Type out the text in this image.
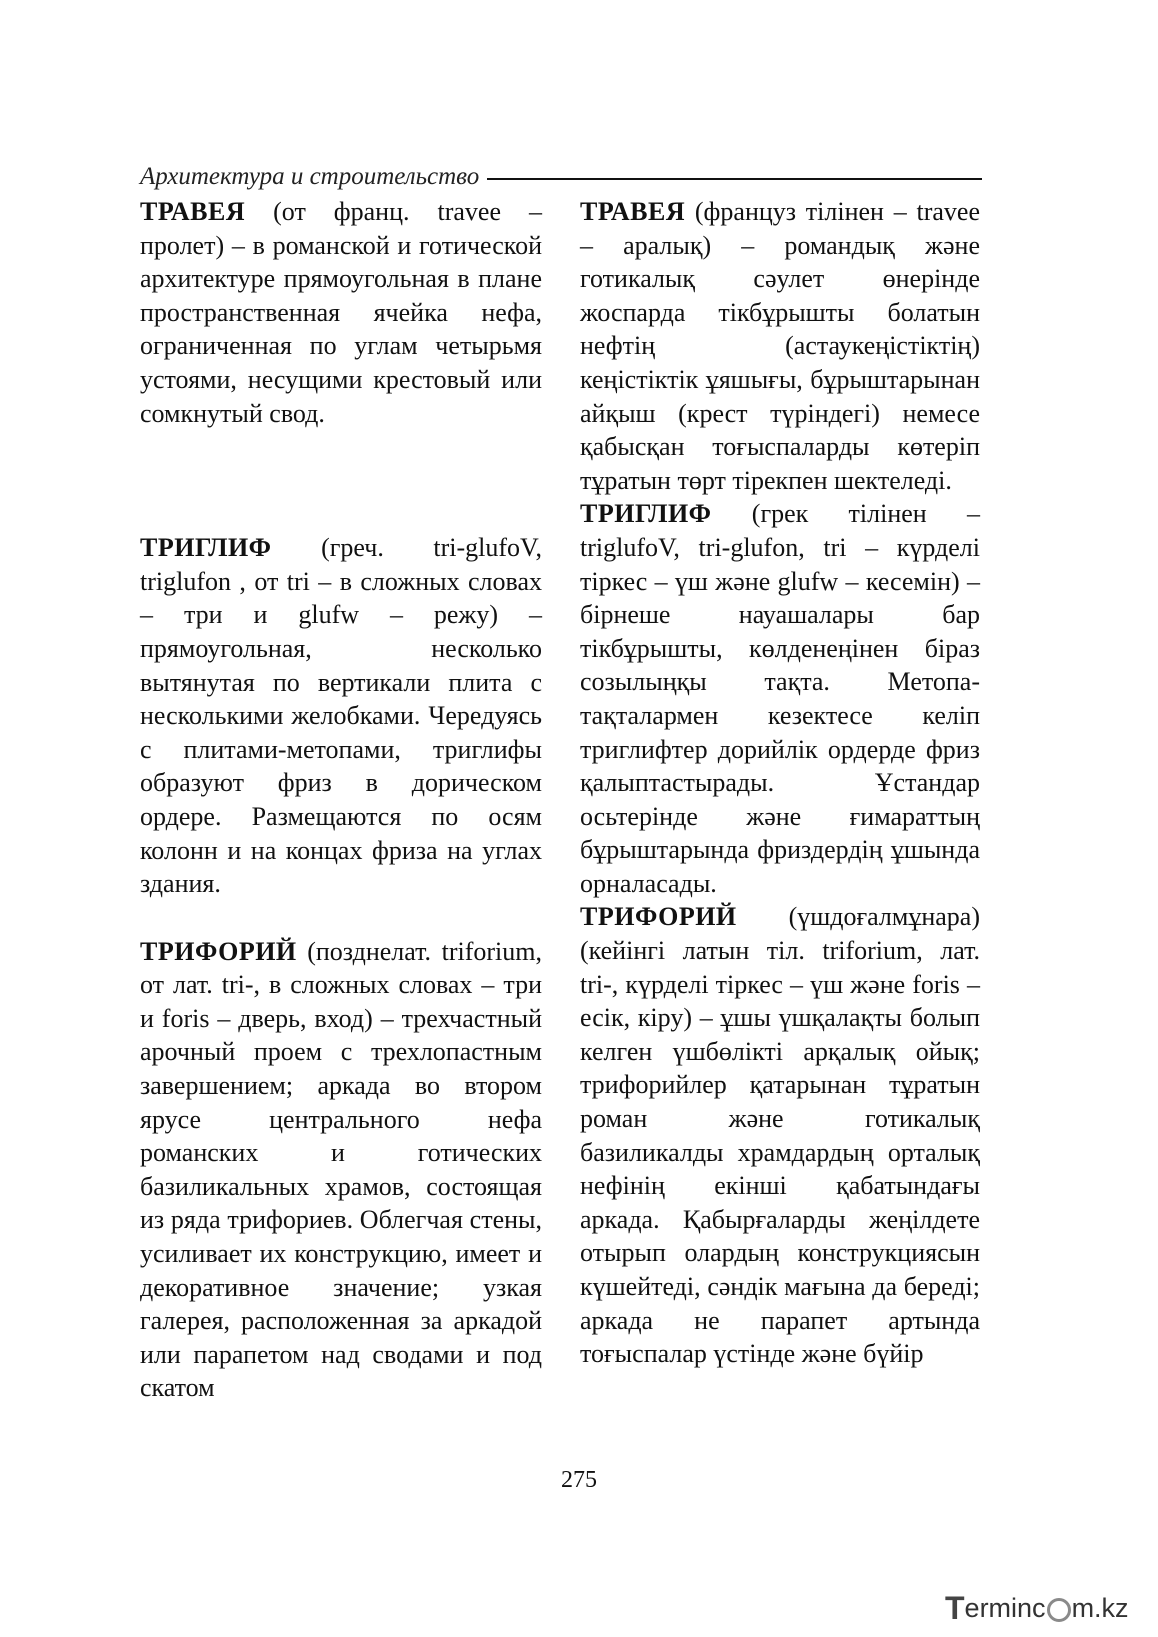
Архитектура и строительство

ТРАВЕЯ (от франц. travee – пролет) – в романской и готической архитектуре прямоугольная в плане пространственная ячейка нефа, ограниченная по углам четырьмя устоями, несущими крестовый или сомкнутый свод.

ТРИГЛИФ (греч. tri-glufoV, triglufon , от tri – в сложных словах – три и glufw – режу) – прямоугольная, несколько вытянутая по вертикали плита с несколькими желобками. Чередуясь с плитами-метопами, триглифы образуют фриз в дорическом ордере. Размещаются по осям колонн и на концах фриза на углах здания.

ТРИФОРИЙ (позднелат. triforium, от лат. tri-, в сложных словах – три и foris – дверь, вход) – трехчастный арочный проем с трехлопастным завершением; аркада во втором ярусе центрального нефа романских и готических базиликальных храмов, состоящая из ряда трифориев. Облегчая стены, усиливает их конструкцию, имеет и декоративное значение; узкая галерея, расположенная за аркадой или парапетом над сводами и под скатом

ТРАВЕЯ (француз тілінен – travee – аралық) – романдық және готикалық сәулет өнерінде жоспарда тікбұрышты болатын нефтің (астаукеңістіктің) кеңістіктік ұяшығы, бұрыштарынан айқыш (крест түріндегі) немесе қабысқан тоғыспаларды көтеріп тұратын төрт тірекпен шектеледі.

ТРИГЛИФ (грек тілінен – triglufoV, tri-glufon, tri – күрделі тіркес – үш және glufw – кесемін) – бірнеше науашалары бар тікбұрышты, көлденеңінен біраз созылыңқы тақта. Метопа-тақталармен кезектесе келіп триглифтер дорийлік ордерде фриз қалыптастырады. Ұстандар осьтерінде және ғимараттың бұрыштарында фриздердің ұшында орналасады.

ТРИФОРИЙ (үшдоғалмұнара) (кейінгі латын тіл. triforium, лат. tri-, күрделі тіркес – үш және foris – есік, кіру) – ұшы үшқалақты болып келген үшбөлікті арқалық ойық; трифорийлер қатарынан тұратын роман және готикалық базиликалды храмдардың орталық нефінің екінші қабатындағы аркада. Қабырғаларды жеңілдете отырып олардың конструкциясын күшейтеді, сәндік мағына да береді; аркада не парапет артында тоғыспалар үстінде және бүйір

275
T erminc m.kz
